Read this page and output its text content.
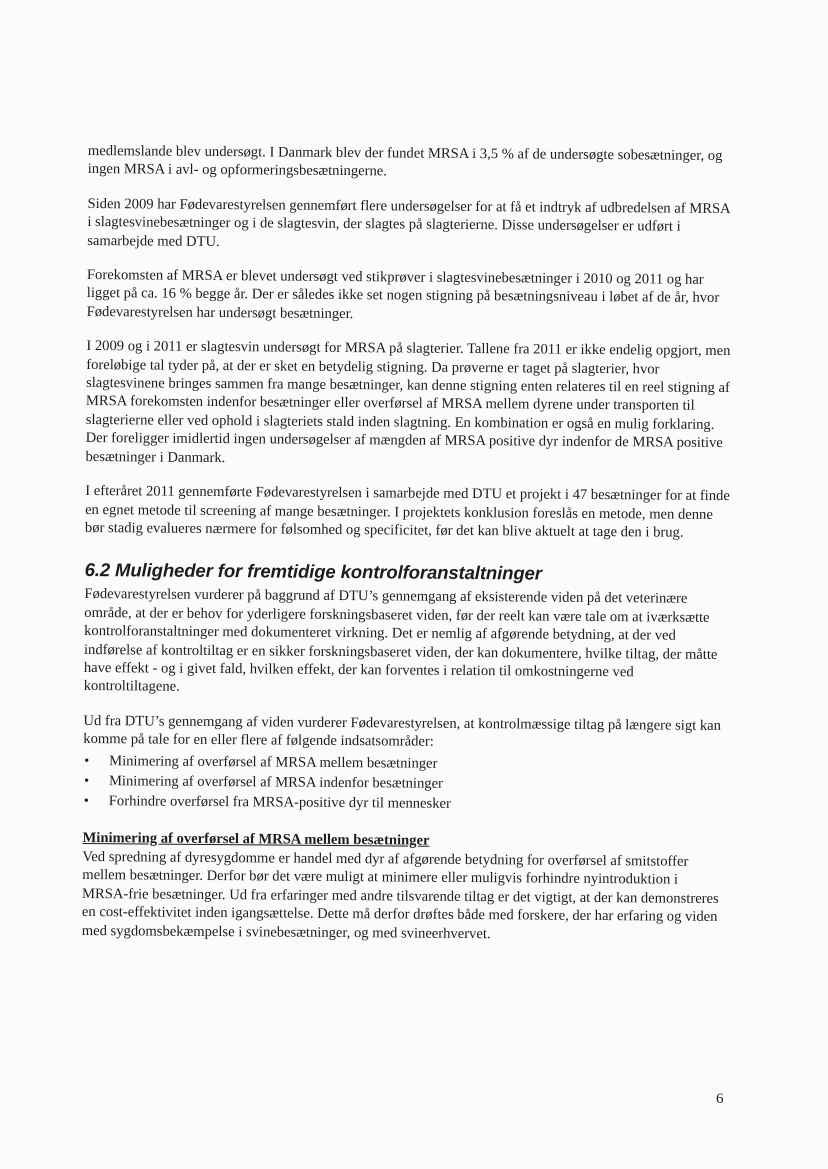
medlemslande blev undersøgt. I Danmark blev der fundet MRSA i 3,5 % af de undersøgte sobesætninger, og ingen MRSA i avl- og opformeringsbesætningerne.

Siden 2009 har Fødevarestyrelsen gennemført flere undersøgelser for at få et indtryk af udbredelsen af MRSA i slagtesvinebesætninger og i de slagtesvin, der slagtes på slagterierne. Disse undersøgelser er udført i samarbejde med DTU.

Forekomsten af MRSA er blevet undersøgt ved stikprøver i slagtesvinebesætninger i 2010 og 2011 og har ligget på ca. 16 % begge år. Der er således ikke set nogen stigning på besætningsniveau i løbet af de år, hvor Fødevarestyrelsen har undersøgt besætninger.

I 2009 og i 2011 er slagtesvin undersøgt for MRSA på slagterier. Tallene fra 2011 er ikke endelig opgjort, men foreløbige tal tyder på, at der er sket en betydelig stigning. Da prøverne er taget på slagterier, hvor slagtesvinene bringes sammen fra mange besætninger, kan denne stigning enten relateres til en reel stigning af MRSA forekomsten indenfor besætninger eller overførsel af MRSA mellem dyrene under transporten til slagterierne eller ved ophold i slagteriets stald inden slagtning. En kombination er også en mulig forklaring. Der foreligger imidlertid ingen undersøgelser af mængden af MRSA positive dyr indenfor de MRSA positive besætninger i Danmark.

I efteråret 2011 gennemførte Fødevarestyrelsen i samarbejde med DTU et projekt i 47 besætninger for at finde en egnet metode til screening af mange besætninger. I projektets konklusion foreslås en metode, men denne bør stadig evalueres nærmere for følsomhed og specificitet, før det kan blive aktuelt at tage den i brug.

6.2 Muligheder for fremtidige kontrolforanstaltninger

Fødevarestyrelsen vurderer på baggrund af DTU’s gennemgang af eksisterende viden på det veterinære område, at der er behov for yderligere forskningsbaseret viden, før der reelt kan være tale om at iværksætte kontrolforanstaltninger med dokumenteret virkning. Det er nemlig af afgørende betydning, at der ved indførelse af kontroltiltag er en sikker forskningsbaseret viden, der kan dokumentere, hvilke tiltag, der måtte have effekt - og i givet fald, hvilken effekt, der kan forventes i relation til omkostningerne ved kontroltiltagene.

Ud fra DTU’s gennemgang af viden vurderer Fødevarestyrelsen, at kontrolmæssige tiltag på længere sigt kan komme på tale for en eller flere af følgende indsatsområder:

• Minimering af overførsel af MRSA mellem besætninger
• Minimering af overførsel af MRSA indenfor besætninger
• Forhindre overførsel fra MRSA-positive dyr til mennesker
Minimering af overførsel af MRSA mellem besætninger

Ved spredning af dyresygdomme er handel med dyr af afgørende betydning for overførsel af smitstoffer mellem besætninger. Derfor bør det være muligt at minimere eller muligvis forhindre nyintroduktion i MRSA-frie besætninger. Ud fra erfaringer med andre tilsvarende tiltag er det vigtigt, at der kan demonstreres en cost-effektivitet inden igangsættelse. Dette må derfor drøftes både med forskere, der har erfaring og viden med sygdomsbekæmpelse i svinebesætninger, og med svineerhvervet.

6
